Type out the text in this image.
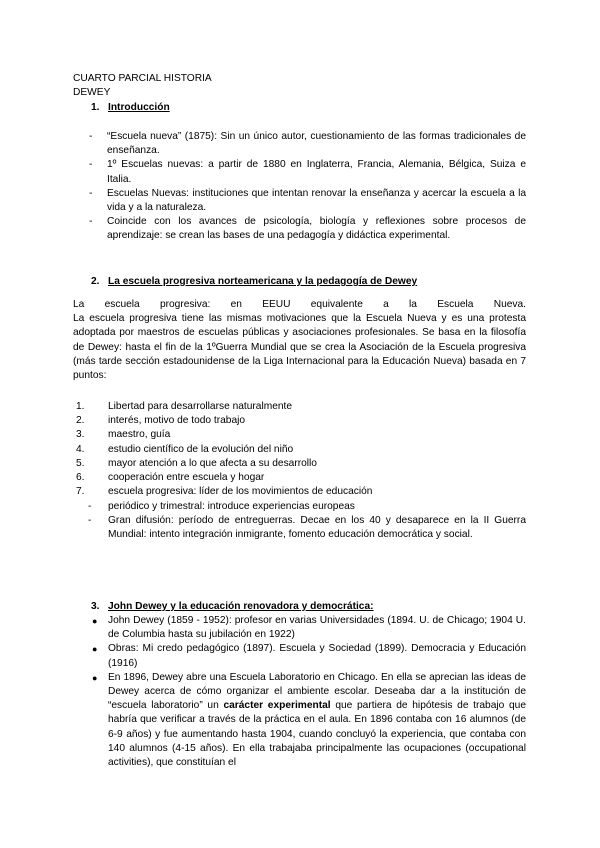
CUARTO PARCIAL HISTORIA
DEWEY
1. Introducción
- “Escuela nueva” (1875): Sin un único autor, cuestionamiento de las formas tradicionales de enseñanza.
- 1º Escuelas nuevas: a partir de 1880 en Inglaterra, Francia, Alemania, Bélgica, Suiza e Italia.
- Escuelas Nuevas: instituciones que intentan renovar la enseñanza y acercar la escuela a la vida y a la naturaleza.
- Coincide con los avances de psicología, biología y reflexiones sobre procesos de aprendizaje: se crean las bases de una pedagogía y didáctica experimental.
2. La escuela progresiva norteamericana y la pedagogía de Dewey
La escuela progresiva: en EEUU equivalente a la Escuela Nueva.
La escuela progresiva tiene las mismas motivaciones que la Escuela Nueva y es una protesta adoptada por maestros de escuelas públicas y asociaciones profesionales. Se basa en la filosofía de Dewey: hasta el fin de la 1ºGuerra Mundial que se crea la Asociación de la Escuela progresiva (más tarde sección estadounidense de la Liga Internacional para la Educación Nueva) basada en 7 puntos:
1. Libertad para desarrollarse naturalmente
2. interés, motivo de todo trabajo
3. maestro, guía
4. estudio científico de la evolución del niño
5. mayor atención a lo que afecta a su desarrollo
6. cooperación entre escuela y hogar
7. escuela progresiva: líder de los movimientos de educación
- periódico y trimestral: introduce experiencias europeas
- Gran difusión: período de entreguerras. Decae en los 40 y desaparece en la II Guerra Mundial: intento integración inmigrante, fomento educación democrática y social.
3. John Dewey y la educación renovadora y democrática:
● John Dewey (1859 - 1952): profesor en varias Universidades (1894. U. de Chicago; 1904 U. de Columbia hasta su jubilación en 1922)
● Obras: Mi credo pedagógico (1897). Escuela y Sociedad (1899). Democracia y Educación (1916)
● En 1896, Dewey abre una Escuela Laboratorio en Chicago. En ella se aprecian las ideas de Dewey acerca de cómo organizar el ambiente escolar. Deseaba dar a la institución de “escuela laboratorio” un carácter experimental que partiera de hipótesis de trabajo que habría que verificar a través de la práctica en el aula. En 1896 contaba con 16 alumnos (de 6-9 años) y fue aumentando hasta 1904, cuando concluyó la experiencia, que contaba con 140 alumnos (4-15 años). En ella trabajaba principalmente las ocupaciones (occupational activities), que constituían el
